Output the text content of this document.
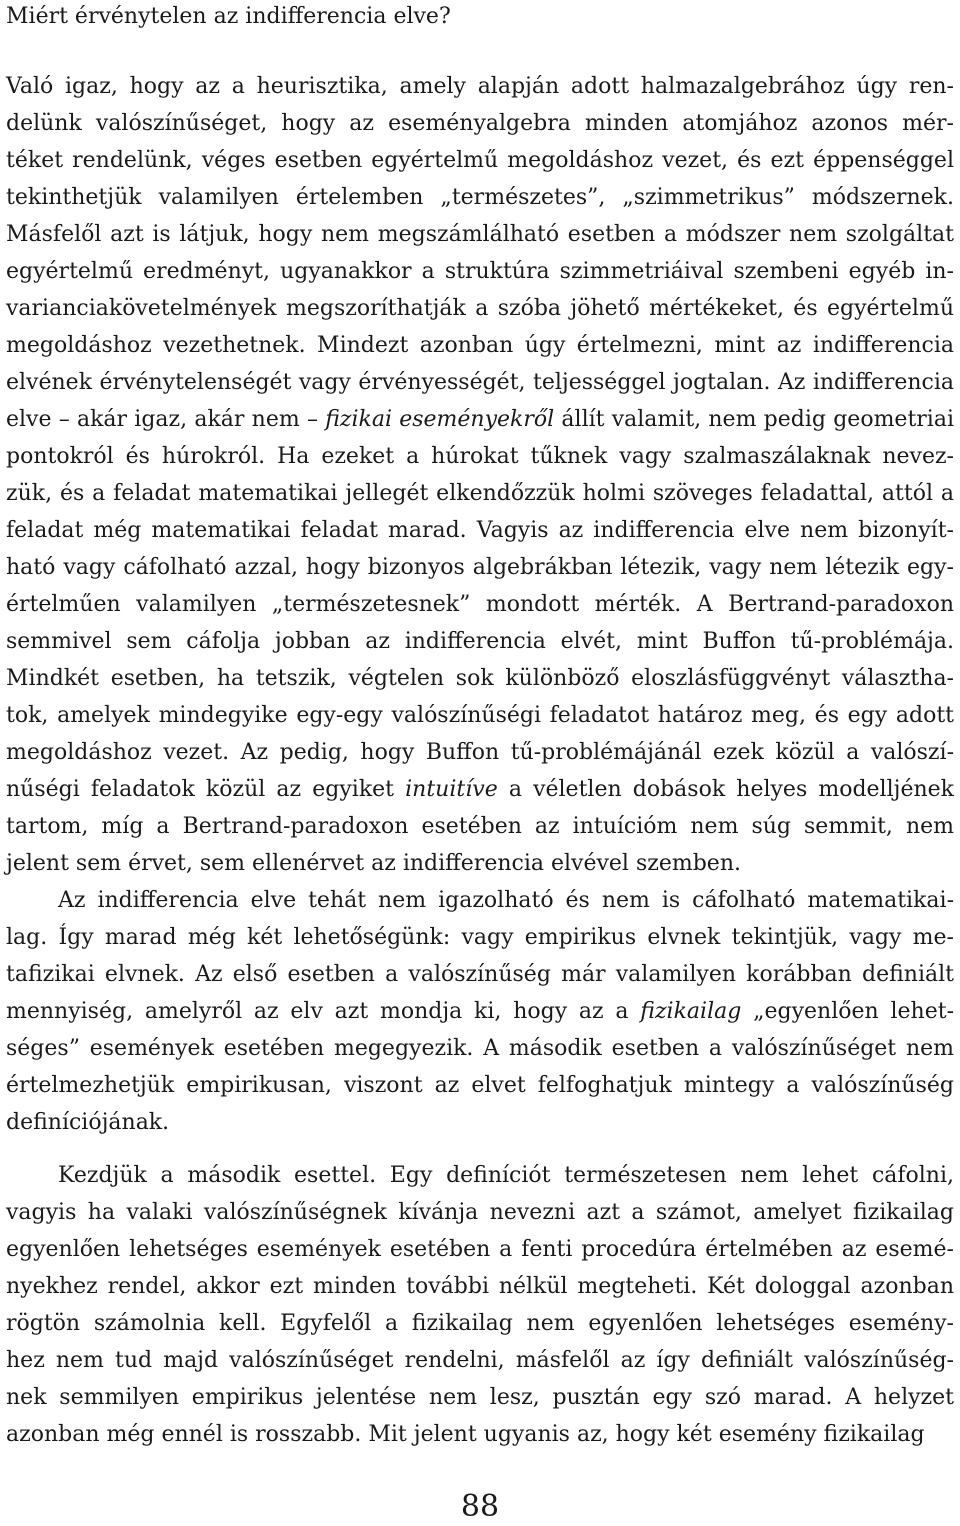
Miért érvénytelen az indifferencia elve?
Való igaz, hogy az a heurisztika, amely alapján adott halmazalgebrához úgy ren-
delünk valószínűséget, hogy az eseményalgebra minden atomjához azonos mér-
téket rendelünk, véges esetben egyértelmű megoldáshoz vezet, és ezt éppenséggel
tekinthetjük valamilyen értelemben „természetes”, „szimmetrikus” módszernek.
Másfelől azt is látjuk, hogy nem megszámlálható esetben a módszer nem szolgáltat
egyértelmű eredményt, ugyanakkor a struktúra szimmetriáival szembeni egyéb in-
varianciakövetelmények megszoríthatják a szóba jöhető mértékeket, és egyértelmű
megoldáshoz vezethetnek. Mindezt azonban úgy értelmezni, mint az indifferencia
elvének érvénytelenségét vagy érvényességét, teljességgel jogtalan. Az indifferencia
elve – akár igaz, akár nem – fizikai eseményekről állít valamit, nem pedig geometriai
pontokról és húrokról. Ha ezeket a húrokat tűknek vagy szalmaszálaknak nevez-
zük, és a feladat matematikai jellegét elkendőzzük holmi szöveges feladattal, attól a
feladat még matematikai feladat marad. Vagyis az indifferencia elve nem bizonyít-
ható vagy cáfolható azzal, hogy bizonyos algebrákban létezik, vagy nem létezik egy-
értelműen valamilyen „természetesnek” mondott mérték. A Bertrand-paradoxon
semmivel sem cáfolja jobban az indifferencia elvét, mint Buffon tű-problémája.
Mindkét esetben, ha tetszik, végtelen sok különböző eloszlásfüggvényt választha-
tok, amelyek mindegyike egy-egy valószínűségi feladatot határoz meg, és egy adott
megoldáshoz vezet. Az pedig, hogy Buffon tű-problémájánál ezek közül a valószí-
nűségi feladatok közül az egyiket intuitíve a véletlen dobások helyes modelljének
tartom, míg a Bertrand-paradoxon esetében az intuícióm nem súg semmit, nem
jelent sem érvet, sem ellenérvet az indifferencia elvével szemben.
Az indifferencia elve tehát nem igazolható és nem is cáfolható matematikai-
lag. Így marad még két lehetőségünk: vagy empirikus elvnek tekintjük, vagy me-
tafizikai elvnek. Az első esetben a valószínűség már valamilyen korábban definiált
mennyiség, amelyről az elv azt mondja ki, hogy az a fizikailag „egyenlően lehet-
séges” események esetében megegyezik. A második esetben a valószínűséget nem
értelmezhetjük empirikusan, viszont az elvet felfoghatjuk mintegy a valószínűség
definíciójának.
Kezdjük a második esettel. Egy definíciót természetesen nem lehet cáfolni,
vagyis ha valaki valószínűségnek kívánja nevezni azt a számot, amelyet fizikailag
egyenlően lehetséges események esetében a fenti procedúra értelmében az esemé-
nyekhez rendel, akkor ezt minden további nélkül megteheti. Két dologgal azonban
rögtön számolnia kell. Egyfelől a fizikailag nem egyenlően lehetséges esemény-
hez nem tud majd valószínűséget rendelni, másfelől az így definiált valószínűség-
nek semmilyen empirikus jelentése nem lesz, pusztán egy szó marad. A helyzet
azonban még ennél is rosszabb. Mit jelent ugyanis az, hogy két esemény fizikailag
88
